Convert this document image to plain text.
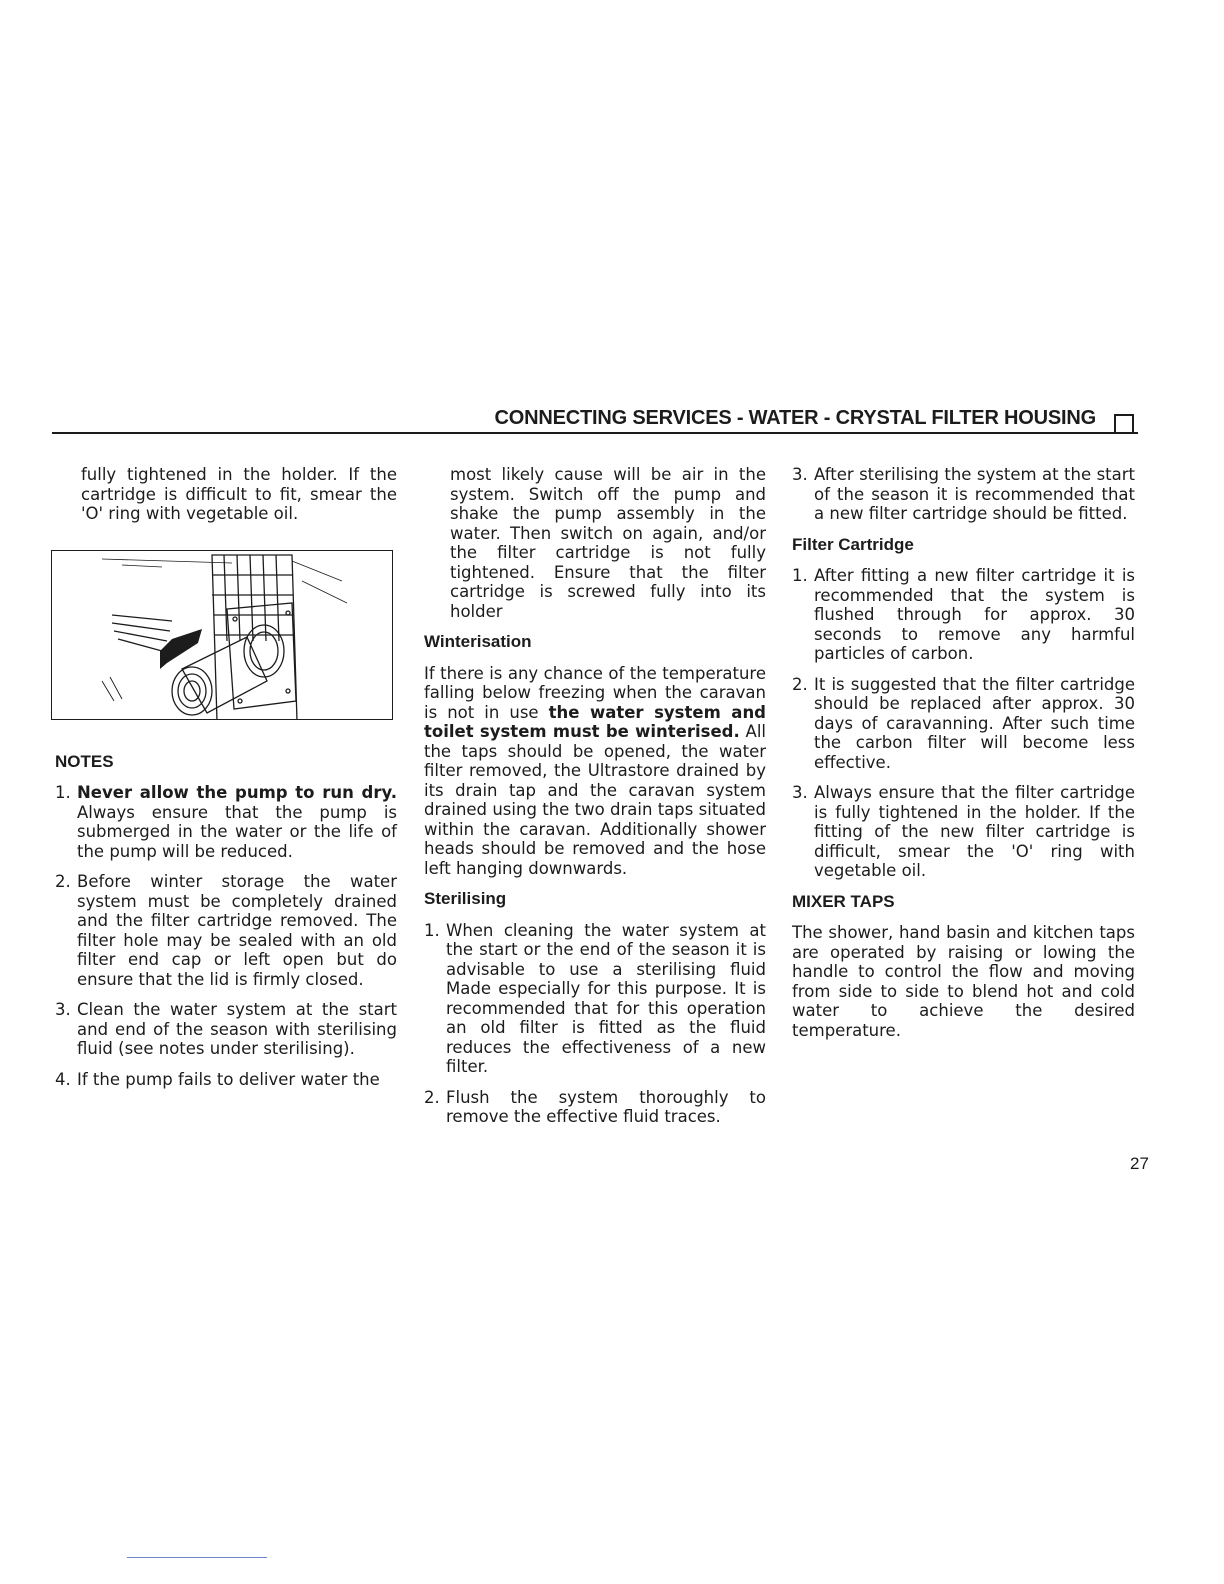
CONNECTING SERVICES - WATER - CRYSTAL FILTER HOUSING

fully tightened in the holder. If the cartridge is difficult to fit, smear the 'O' ring with vegetable oil.

NOTES
1. Never allow the pump to run dry. Always ensure that the pump is submerged in the water or the life of the pump will be reduced.
2. Before winter storage the water system must be completely drained and the filter cartridge removed. The filter hole may be sealed with an old filter end cap or left open but do ensure that the lid is firmly closed.
3. Clean the water system at the start and end of the season with sterilising fluid (see notes under sterilising).
4. If the pump fails to deliver water the

most likely cause will be air in the system. Switch off the pump and shake the pump assembly in the water. Then switch on again, and/or the filter cartridge is not fully tightened. Ensure that the filter cartridge is screwed fully into its holder

Winterisation

If there is any chance of the temperature falling below freezing when the caravan is not in use the water system and toilet system must be winterised. All the taps should be opened, the water filter removed, the Ultrastore drained by its drain tap and the caravan system drained using the two drain taps situated within the caravan. Additionally shower heads should be removed and the hose left hanging downwards.

Sterilising
1. When cleaning the water system at the start or the end of the season it is advisable to use a sterilising fluid Made especially for this purpose. It is recommended that for this operation an old filter is fitted as the fluid reduces the effectiveness of a new filter.
2. Flush the system thoroughly to remove the effective fluid traces.
3. After sterilising the system at the start of the season it is recommended that a new filter cartridge should be fitted.
Filter Cartridge
1. After fitting a new filter cartridge it is recommended that the system is flushed through for approx. 30 seconds to remove any harmful particles of carbon.
2. It is suggested that the filter cartridge should be replaced after approx. 30 days of caravanning. After such time the carbon filter will become less effective.
3. Always ensure that the filter cartridge is fully tightened in the holder. If the fitting of the new filter cartridge is difficult, smear the 'O' ring with vegetable oil.
MIXER TAPS

The shower, hand basin and kitchen taps are operated by raising or lowing the handle to control the flow and moving from side to side to blend hot and cold water to achieve the desired temperature.

27
